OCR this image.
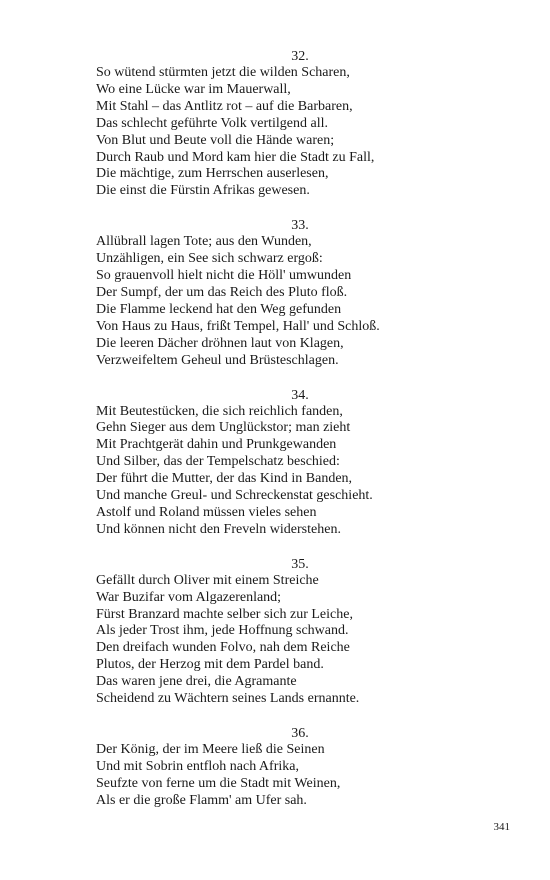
32.
So wütend stürmten jetzt die wilden Scharen,
Wo eine Lücke war im Mauerwall,
Mit Stahl – das Antlitz rot – auf die Barbaren,
Das schlecht geführte Volk vertilgend all.
Von Blut und Beute voll die Hände waren;
Durch Raub und Mord kam hier die Stadt zu Fall,
Die mächtige, zum Herrschen auserlesen,
Die einst die Fürstin Afrikas gewesen.
33.
Allübrall lagen Tote; aus den Wunden,
Unzähligen, ein See sich schwarz ergoß:
So grauenvoll hielt nicht die Höll' umwunden
Der Sumpf, der um das Reich des Pluto floß.
Die Flamme leckend hat den Weg gefunden
Von Haus zu Haus, frißt Tempel, Hall' und Schloß.
Die leeren Dächer dröhnen laut von Klagen,
Verzweifeltem Geheul und Brüsteschlagen.
34.
Mit Beutestücken, die sich reichlich fanden,
Gehn Sieger aus dem Unglückstor; man zieht
Mit Prachtgerät dahin und Prunkgewanden
Und Silber, das der Tempelschatz beschied:
Der führt die Mutter, der das Kind in Banden,
Und manche Greul- und Schreckenstat geschieht.
Astolf und Roland müssen vieles sehen
Und können nicht den Freveln widerstehen.
35.
Gefällt durch Oliver mit einem Streiche
War Buzifar vom Algazerenland;
Fürst Branzard machte selber sich zur Leiche,
Als jeder Trost ihm, jede Hoffnung schwand.
Den dreifach wunden Folvo, nah dem Reiche
Plutos, der Herzog mit dem Pardel band.
Das waren jene drei, die Agramante
Scheidend zu Wächtern seines Lands ernannte.
36.
Der König, der im Meere ließ die Seinen
Und mit Sobrin entfloh nach Afrika,
Seufzte von ferne um die Stadt mit Weinen,
Als er die große Flamm' am Ufer sah.
341
